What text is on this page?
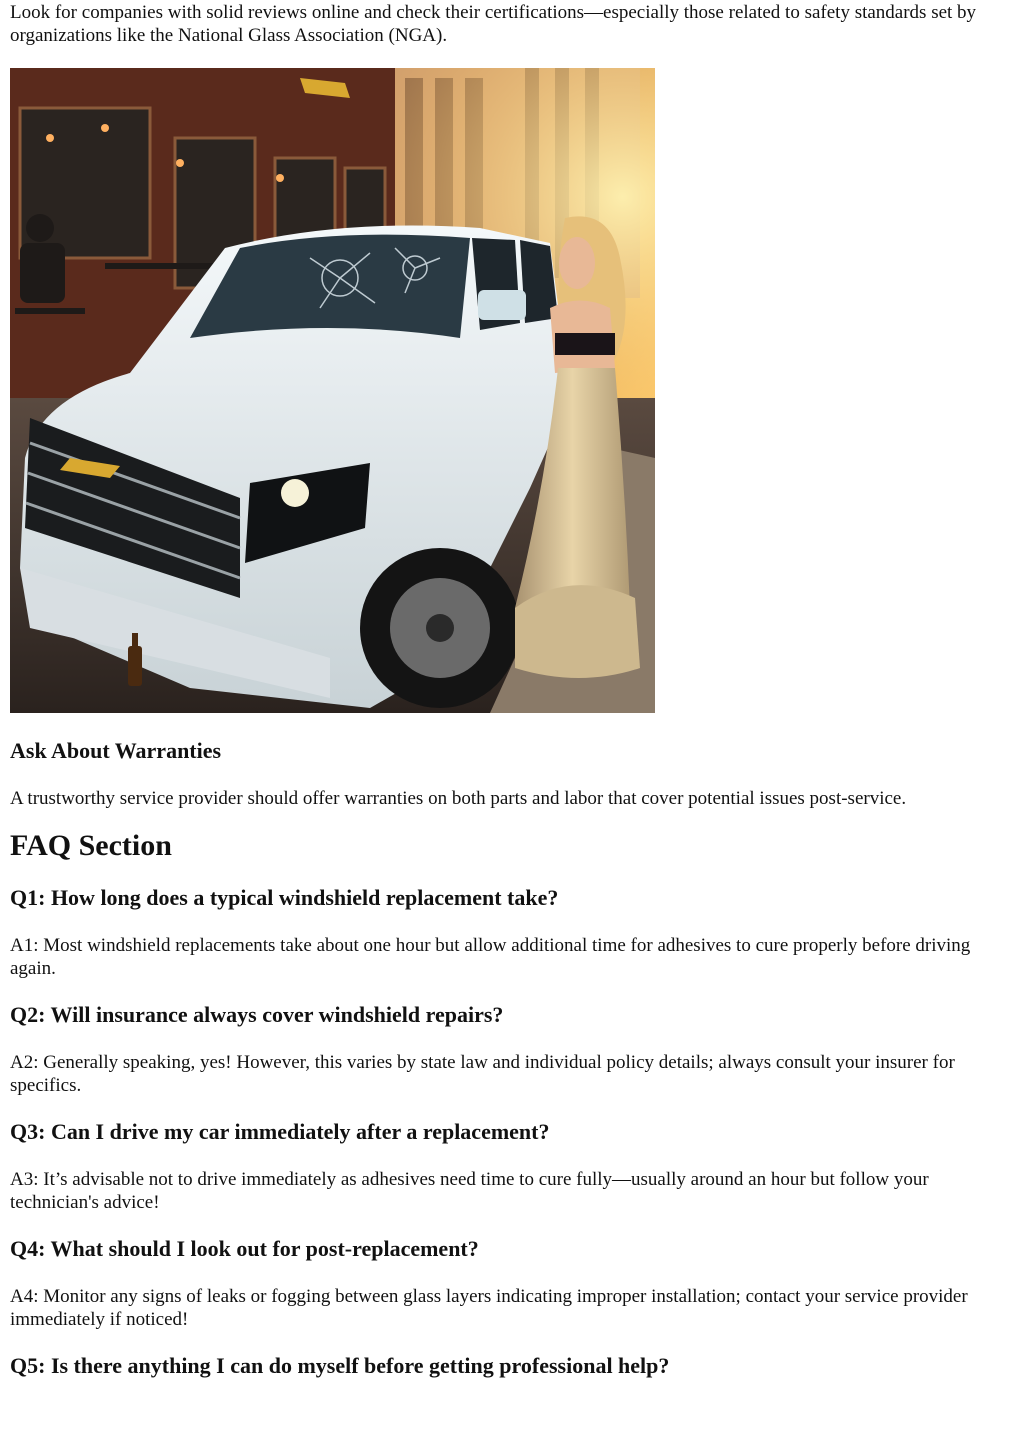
Look for companies with solid reviews online and check their certifications—especially those related to safety standards set by organizations like the National Glass Association (NGA).

Ask About Warranties

A trustworthy service provider should offer warranties on both parts and labor that cover potential issues post-service.

FAQ Section
Q1: How long does a typical windshield replacement take?

A1: Most windshield replacements take about one hour but allow additional time for adhesives to cure properly before driving again.

Q2: Will insurance always cover windshield repairs?

A2: Generally speaking, yes! However, this varies by state law and individual policy details; always consult your insurer for specifics.

Q3: Can I drive my car immediately after a replacement?

A3: It’s advisable not to drive immediately as adhesives need time to cure fully—usually around an hour but follow your technician's advice!

Q4: What should I look out for post-replacement?

A4: Monitor any signs of leaks or fogging between glass layers indicating improper installation; contact your service provider immediately if noticed!

Q5: Is there anything I can do myself before getting professional help?
